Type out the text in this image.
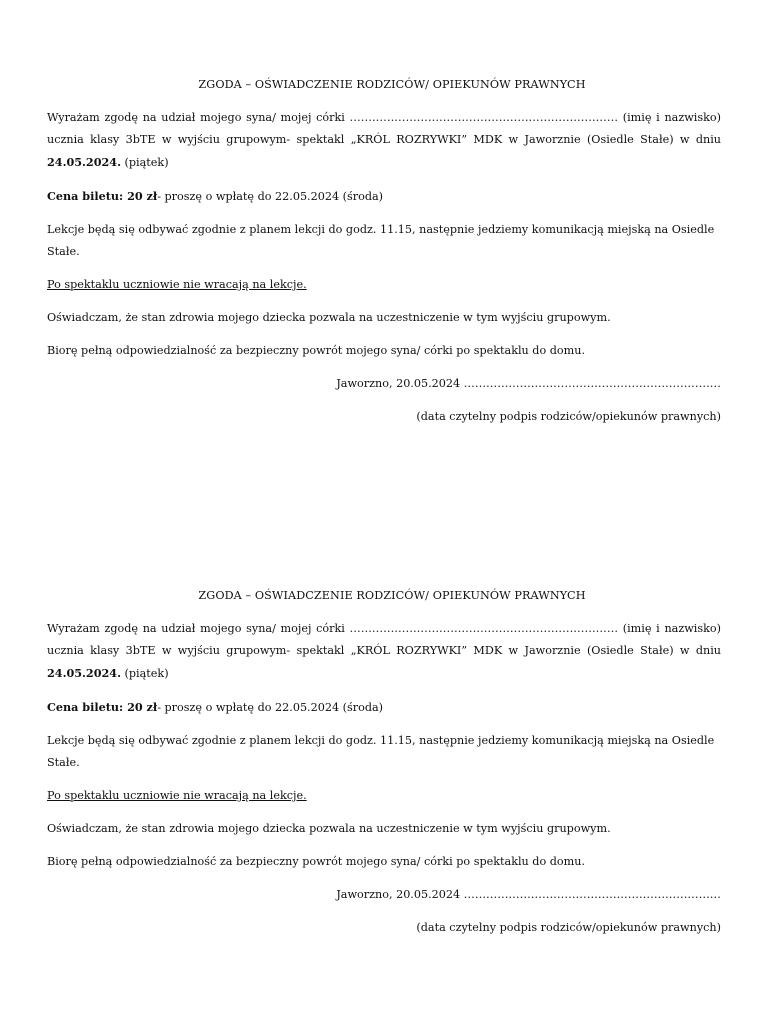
ZGODA – OŚWIADCZENIE RODZICÓW/ OPIEKUNÓW PRAWNYCH

Wyrażam zgodę na udział mojego syna/ mojej córki ……………………………………………………………… (imię i nazwisko) ucznia klasy 3bTE w wyjściu grupowym- spektakl „KRÓL ROZRYWKI” MDK w Jaworznie (Osiedle Stałe) w dniu 24.05.2024. (piątek)

Cena biletu: 20 zł- proszę o wpłatę do 22.05.2024 (środa)

Lekcje będą się odbywać zgodnie z planem lekcji do godz. 11.15, następnie jedziemy komunikacją miejską na Osiedle Stałe.

Po spektaklu uczniowie nie wracają na lekcje.

Oświadczam, że stan zdrowia mojego dziecka pozwala na uczestniczenie w tym wyjściu grupowym.

Biorę pełną odpowiedzialność za bezpieczny powrót mojego syna/ córki po spektaklu do domu.

Jaworzno, 20.05.2024 ……………………………………………………………

(data czytelny podpis rodziców/opiekunów prawnych)

ZGODA – OŚWIADCZENIE RODZICÓW/ OPIEKUNÓW PRAWNYCH

Wyrażam zgodę na udział mojego syna/ mojej córki ……………………………………………………………… (imię i nazwisko) ucznia klasy 3bTE w wyjściu grupowym- spektakl „KRÓL ROZRYWKI” MDK w Jaworznie (Osiedle Stałe) w dniu 24.05.2024. (piątek)

Cena biletu: 20 zł- proszę o wpłatę do 22.05.2024 (środa)

Lekcje będą się odbywać zgodnie z planem lekcji do godz. 11.15, następnie jedziemy komunikacją miejską na Osiedle Stałe.

Po spektaklu uczniowie nie wracają na lekcje.

Oświadczam, że stan zdrowia mojego dziecka pozwala na uczestniczenie w tym wyjściu grupowym.

Biorę pełną odpowiedzialność za bezpieczny powrót mojego syna/ córki po spektaklu do domu.

Jaworzno, 20.05.2024 ……………………………………………………………

(data czytelny podpis rodziców/opiekunów prawnych)
